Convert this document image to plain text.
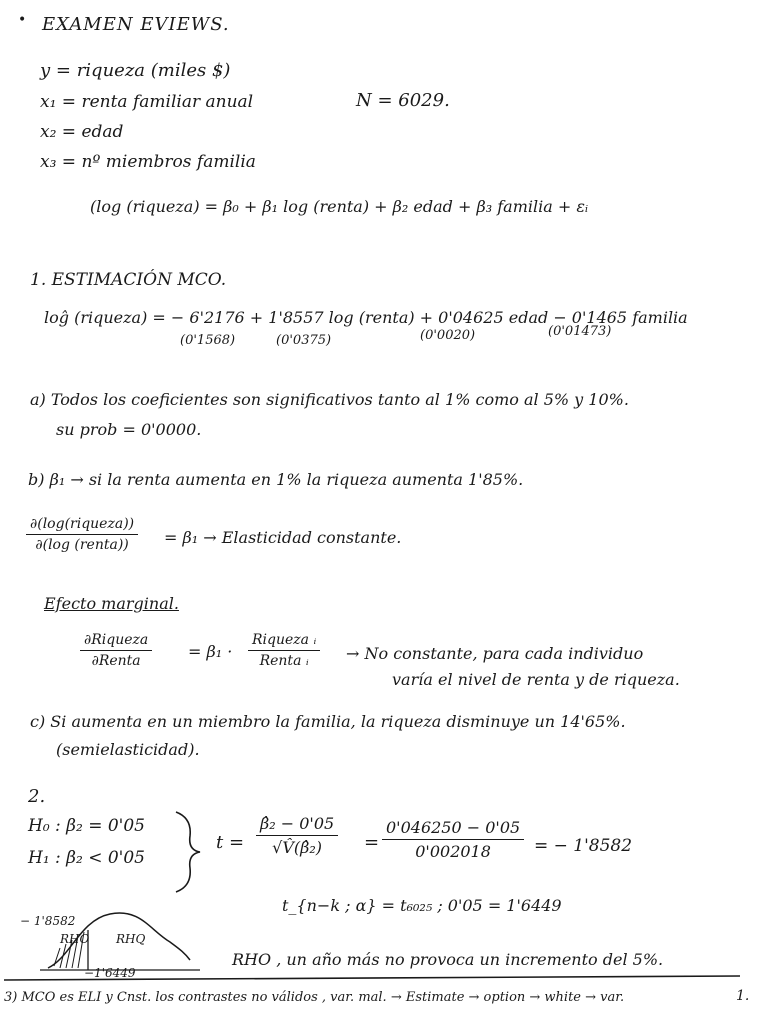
• EXAMEN EVIEWS.
y = riqueza (miles $)
x₁ = renta familiar anual
x₂ = edad
x₃ = nº miembros familia
N = 6029.
(log (riqueza) = β₀ + β₁ log (renta) + β₂ edad + β₃ familia + εᵢ
1. ESTIMACIÓN MCO.
loĝ (riqueza) = − 6'2176 + 1'8557 log (renta) + 0'04625 edad − 0'1465 familia
(0'1568)	(0'0375)	(0'0020)	(0'01473)
a) Todos los coeficientes son significativos tanto al 1% como al 5% y 10%.
su prob = 0'0000.
b) β₁ → si la renta aumenta en 1% la riqueza aumenta 1'85%.
∂(log(riqueza))
∂(log (renta)) = β₁ → Elasticidad constante.
Efecto marginal.
∂Riqueza
∂Renta	= β₁ ·
Riqueza ᵢ
Renta ᵢ → No constante, para cada individuo
varía el nivel de renta y de riqueza.
c) Si aumenta en un miembro la familia, la riqueza disminuye un 14'65%.
(semielasticidad).
2.
H₀ : β₂ = 0'05
H₁ : β₂ < 0'05
t =
β̂₂ − 0'05
√V̂(β̂₂) =
0'046250 − 0'05
0'002018	= − 1'8582
t_{n−k ; α} = t₆₀₂₅ ; 0'05 = 1'6449
− 1'8582
RHO RHQ
−1'6449
RHO , un año más no provoca un incremento del 5%.
3) MCO es ELI y Cnst. los contrastes no válidos , var. mal. → Estimate → option → white → var.	1.
